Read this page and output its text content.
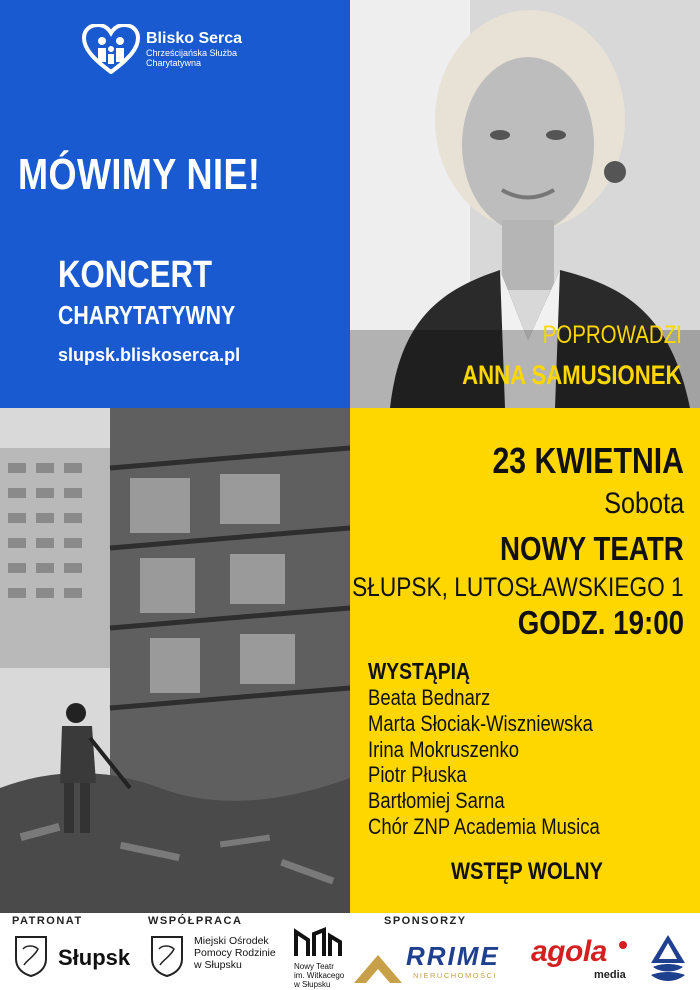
Blisko Serca
Chrześcijańska Służba
Charytatywna
MÓWIMY NIE!
KONCERT
CHARYTATYWNY
slupsk.bliskoserca.pl
POPROWADZI
ANNA SAMUSIONEK
23 KWIETNIA
Sobota
NOWY TEATR
SŁUPSK, LUTOSŁAWSKIEGO 1
GODZ. 19:00
WYSTĄPIĄ
Beata Bednarz
Marta Słociak-Wiszniewska
Irina Mokruszenko
Piotr Płuska
Bartłomiej Sarna
Chór ZNP Academia Musica
WSTĘP WOLNY
PATRONAT	WSPÓŁPRACA	SPONSORZY
Słupsk
Miejski Ośrodek
Pomocy Rodzinie
w Słupsku	Nowy Teatr
im. Witkacego
w Słupsku
RRIME
NIERUCHOMOŚCI
agola
media
